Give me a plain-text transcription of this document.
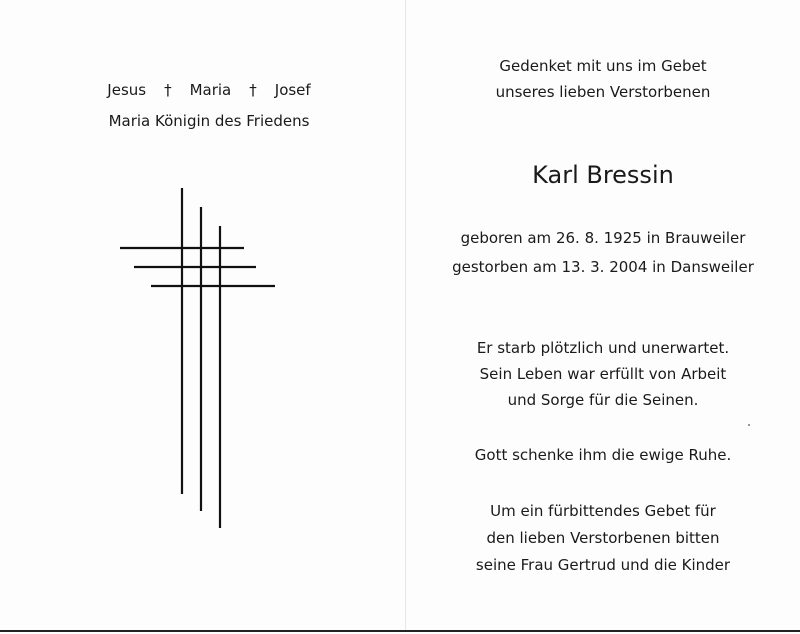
Jesus † Maria † Josef
Maria Königin des Friedens
Gedenket mit uns im Gebet
unseres lieben Verstorbenen
Karl Bressin
geboren am 26. 8. 1925 in Brauweiler
gestorben am 13. 3. 2004 in Dansweiler
Er starb plötzlich und unerwartet.
Sein Leben war erfüllt von Arbeit
und Sorge für die Seinen.
Gott schenke ihm die ewige Ruhe.
Um ein fürbittendes Gebet für
den lieben Verstorbenen bitten
seine Frau Gertrud und die Kinder
